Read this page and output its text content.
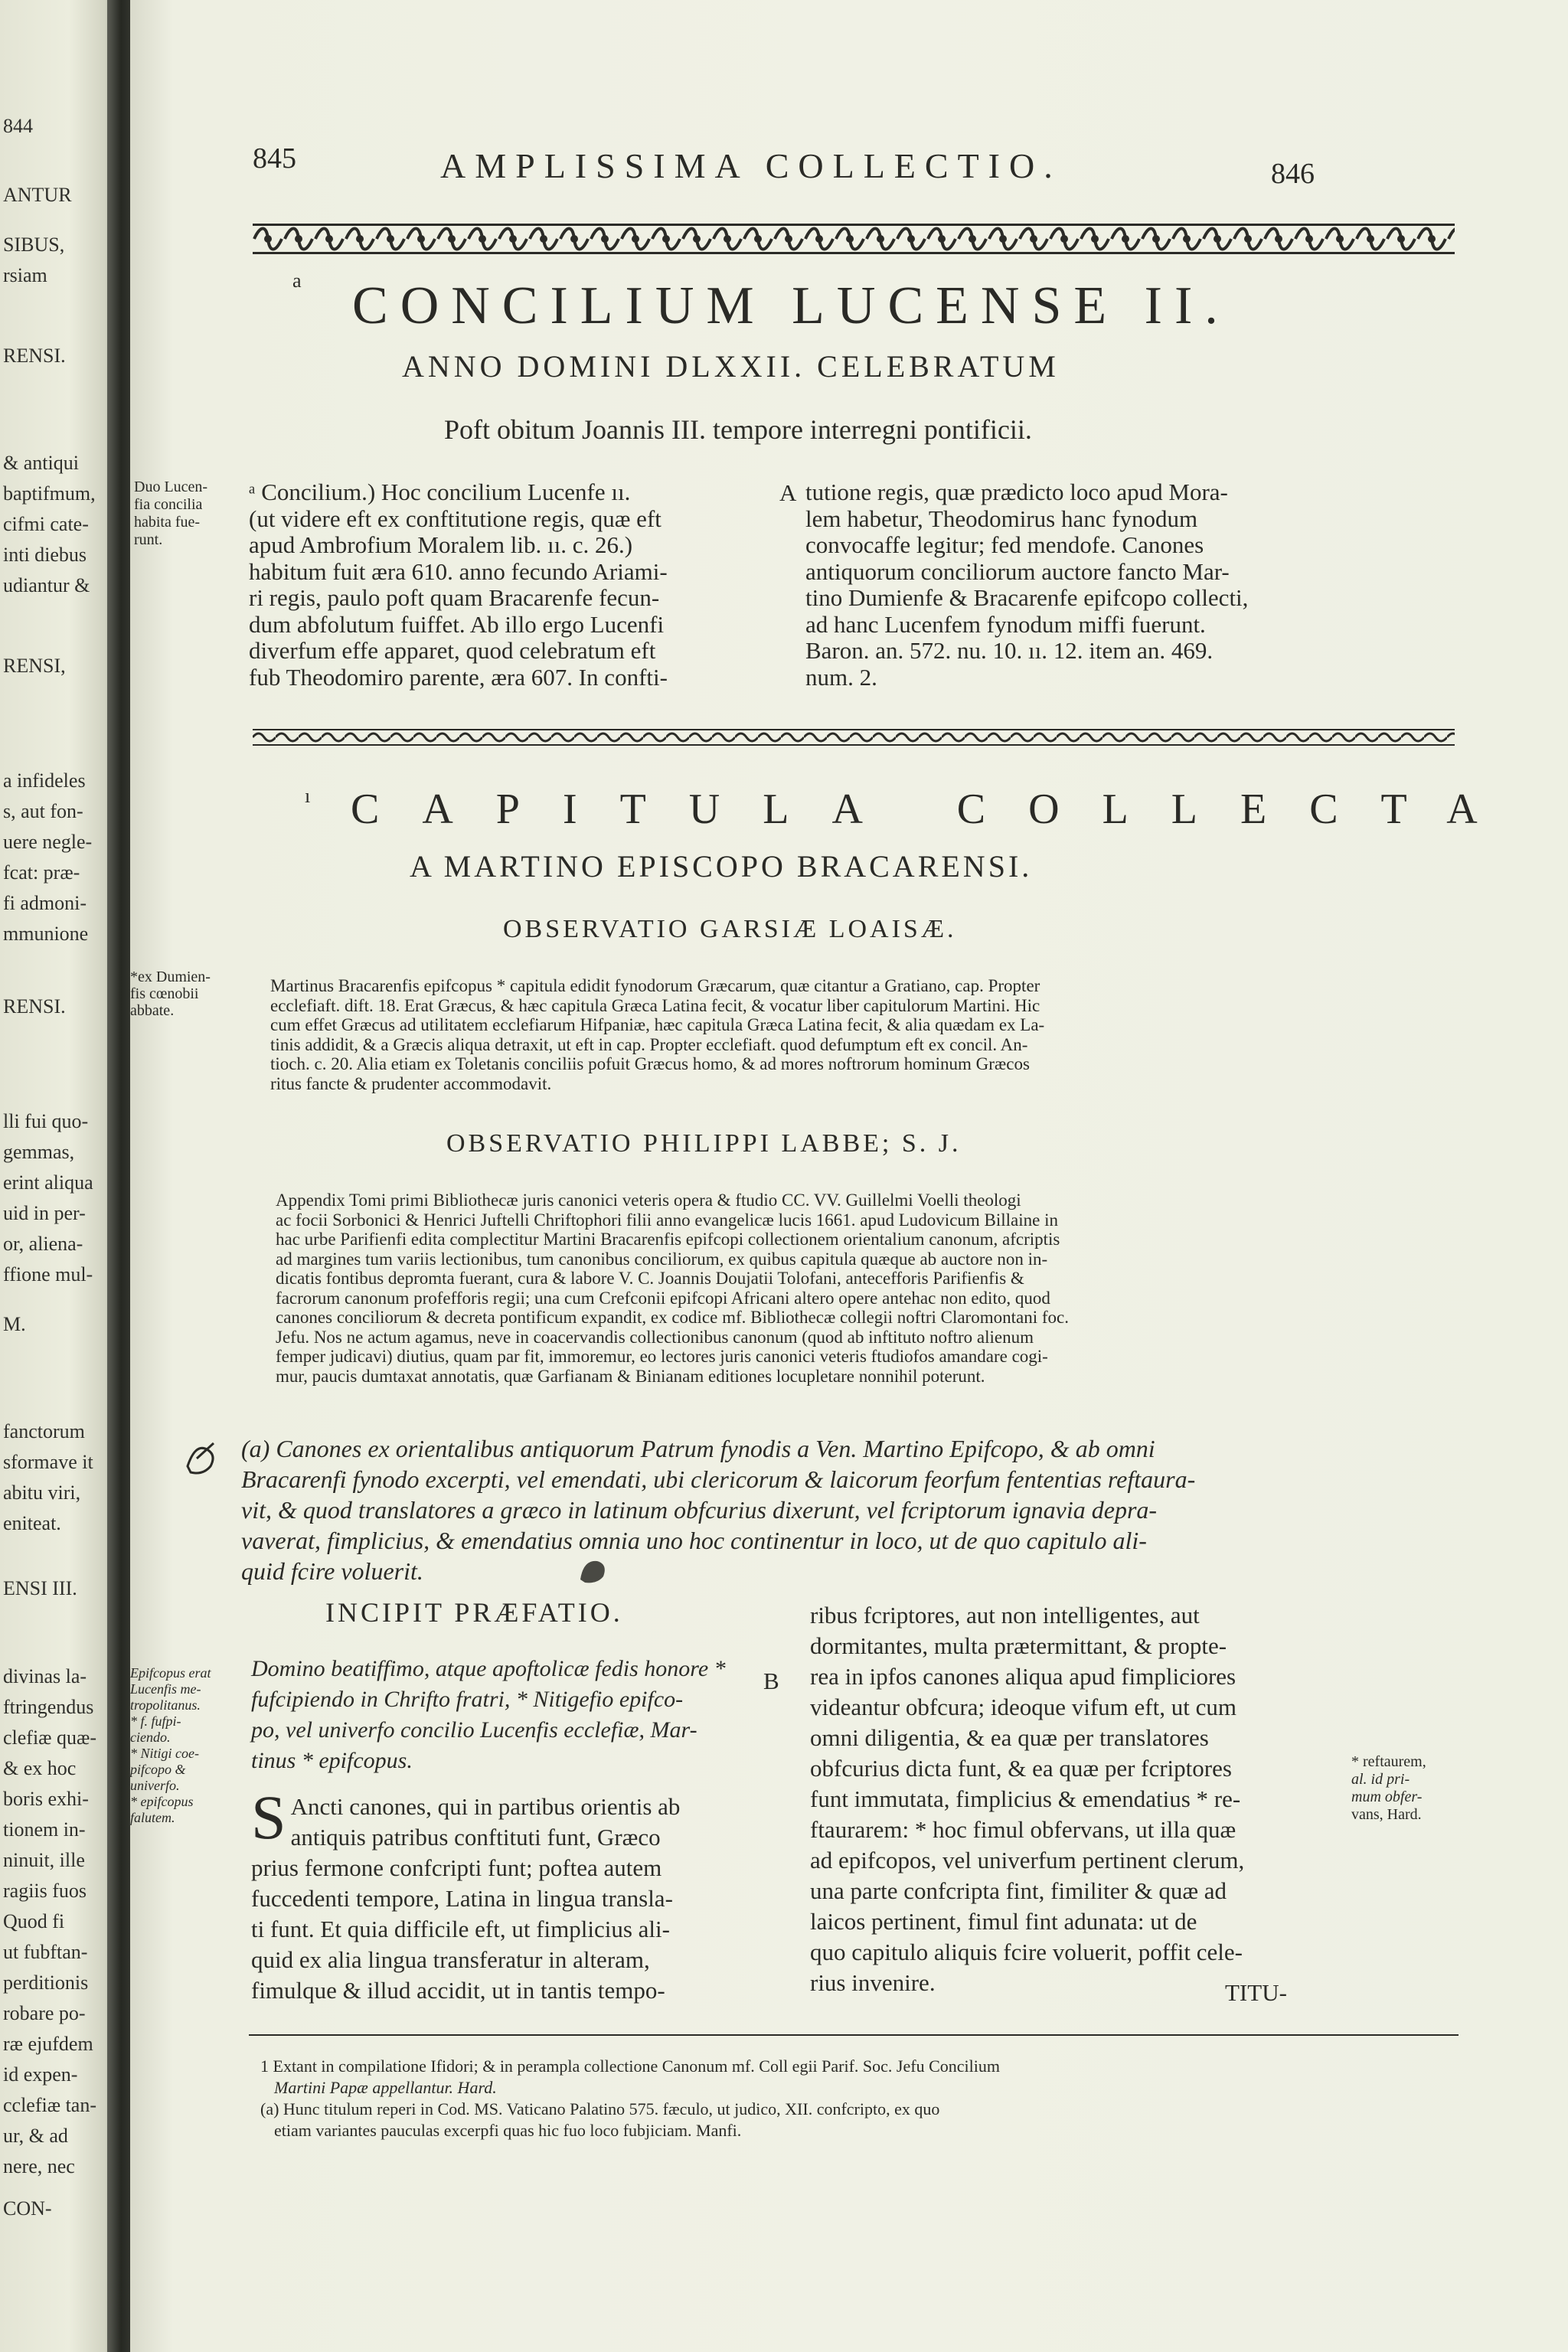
844
ANTUR
SIBUS,
rsiam
RENSI.
& antiqui
baptifmum,
cifmi cate-
inti diebus
udiantur &
RENSI,
a infideles
s, aut fon-
uere negle-
fcat: præ-
fi admoni-
mmunione
RENSI.
lli fui quo-
gemmas,
erint aliqua
uid in per-
or, aliena-
ffione mul-
M.
fanctorum
sformave it
abitu viri,
eniteat.
ENSI III.
divinas la-
ftringendus
clefiæ quæ-
& ex hoc
boris exhi-
tionem in-
ninuit, ille
ragiis fuos
Quod fi
ut fubftan-
perditionis
robare po-
ræ ejufdem
id expen-
cclefiæ tan-
ur, & ad
nere, nec
CON-
845	AMPLISSIMA COLLECTIO.	846
a CONCILIUM LUCENSE II.
ANNO DOMINI DLXXII. CELEBRATUM
Poft obitum Joannis III. tempore interregni pontificii.
Duo Lucen-
fia concilia
habita fue-
runt.
ᵃ Concilium.) Hoc concilium Lucenfe ıı.
(ut videre eft ex conftitutione regis, quæ eft
apud Ambrofium Moralem lib. ıı. c. 26.)
habitum fuit æra 610. anno fecundo Ariami-
ri regis, paulo poft quam Bracarenfe fecun-
dum abfolutum fuiffet. Ab illo ergo Lucenfi
diverfum effe apparet, quod celebratum eft
fub Theodomiro parente, æra 607. In confti-
A tutione regis, quæ prædicto loco apud Mora-
lem habetur, Theodomirus hanc fynodum
convocaffe legitur; fed mendofe. Canones
antiquorum conciliorum auctore fancto Mar-
tino Dumienfe & Bracarenfe epifcopo collecti,
ad hanc Lucenfem fynodum miffi fuerunt.
Baron. an. 572. nu. 10. ıı. 12. item an. 469.
num. 2.
ı CAPITULA COLLECTA
A MARTINO EPISCOPO BRACARENSI.
OBSERVATIO GARSIÆ LOAISÆ.
*ex Dumien-
fis cœnobii
abbate.
Martinus Bracarenfis epifcopus * capitula edidit fynodorum Græcarum, quæ citantur a Gratiano, cap. Propter
ecclefiaft. dift. 18. Erat Græcus, & hæc capitula Græca Latina fecit, & vocatur liber capitulorum Martini. Hic
cum effet Græcus ad utilitatem ecclefiarum Hifpaniæ, hæc capitula Græca Latina fecit, & alia quædam ex La-
tinis addidit, & a Græcis aliqua detraxit, ut eft in cap. Propter ecclefiaft. quod defumptum eft ex concil. An-
tioch. c. 20. Alia etiam ex Toletanis conciliis pofuit Græcus homo, & ad mores noftrorum hominum Græcos
ritus fancte & prudenter accommodavit.
OBSERVATIO PHILIPPI LABBE; S. J.
Appendix Tomi primi Bibliothecæ juris canonici veteris opera & ftudio CC. VV. Guillelmi Voelli theologi
ac focii Sorbonici & Henrici Juftelli Chriftophori filii anno evangelicæ lucis 1661. apud Ludovicum Billaine in
hac urbe Parifienfi edita complectitur Martini Bracarenfis epifcopi collectionem orientalium canonum, afcriptis
ad margines tum variis lectionibus, tum canonibus conciliorum, ex quibus capitula quæque ab auctore non in-
dicatis fontibus depromta fuerant, cura & labore V. C. Joannis Doujatii Tolofani, antecefforis Parifienfis &
facrorum canonum profefforis regii; una cum Crefconii epifcopi Africani altero opere antehac non edito, quod
canones conciliorum & decreta pontificum expandit, ex codice mf. Bibliothecæ collegii noftri Claromontani foc.
Jefu. Nos ne actum agamus, neve in coacervandis collectionibus canonum (quod ab inftituto noftro alienum
femper judicavi) diutius, quam par fit, immoremur, eo lectores juris canonici veteris ftudiofos amandare cogi-
mur, paucis dumtaxat annotatis, quæ Garfianam & Binianam editiones locupletare nonnihil poterunt.
(a) Canones ex orientalibus antiquorum Patrum fynodis a Ven. Martino Epifcopo, & ab omni
Bracarenfi fynodo excerpti, vel emendati, ubi clericorum & laicorum feorfum fententias reftaura-
vit, & quod translatores a græco in latinum obfcurius dixerunt, vel fcriptorum ignavia depra-
vaverat, fimplicius, & emendatius omnia uno hoc continentur in loco, ut de quo capitulo ali-
quid fcire voluerit.
INCIPIT PRÆFATIO.
Epifcopus erat
Lucenfis me-
tropolitanus.
* f. fufpi-
ciendo.
* Nitigi coe-
pifcopo &
univerfo.
* epifcopus
falutem.
Domino beatiffimo, atque apoftolicæ fedis honore *
fufcipiendo in Chrifto fratri, * Nitigefio epifco-
po, vel univerfo concilio Lucenfis ecclefiæ, Mar-
tinus * epifcopus.
S Ancti canones, qui in partibus orientis ab
antiquis patribus conftituti funt, Græco
prius fermone confcripti funt; poftea autem
fuccedenti tempore, Latina in lingua transla-
ti funt. Et quia difficile eft, ut fimplicius ali-
quid ex alia lingua transferatur in alteram,
fimulque & illud accidit, ut in tantis tempo-
B
ribus fcriptores, aut non intelligentes, aut
dormitantes, multa prætermittant, & propte-
rea in ipfos canones aliqua apud fimpliciores
videantur obfcura; ideoque vifum eft, ut cum
omni diligentia, & ea quæ per translatores
obfcurius dicta funt, & ea quæ per fcriptores
funt immutata, fimplicius & emendatius * re-
ftaurarem: * hoc fimul obfervans, ut illa quæ
ad epifcopos, vel univerfum pertinent clerum,
una parte confcripta fint, fimiliter & quæ ad
laicos pertinent, fimul fint adunata: ut de
quo capitulo aliquis fcire voluerit, poffit cele-
rius invenire.
* reftaurem,
al. id pri-
mum obfer-
vans, Hard.
TITU-
1 Extant in compilatione Ifidori; & in perampla collectione Canonum mf. Coll egii Parif. Soc. Jefu Concilium
Martini Papæ appellantur. Hard.
(a) Hunc titulum reperi in Cod. MS. Vaticano Palatino 575. fæculo, ut judico, XII. confcripto, ex quo
etiam variantes pauculas excerpfi quas hic fuo loco fubjiciam. Manfi.
